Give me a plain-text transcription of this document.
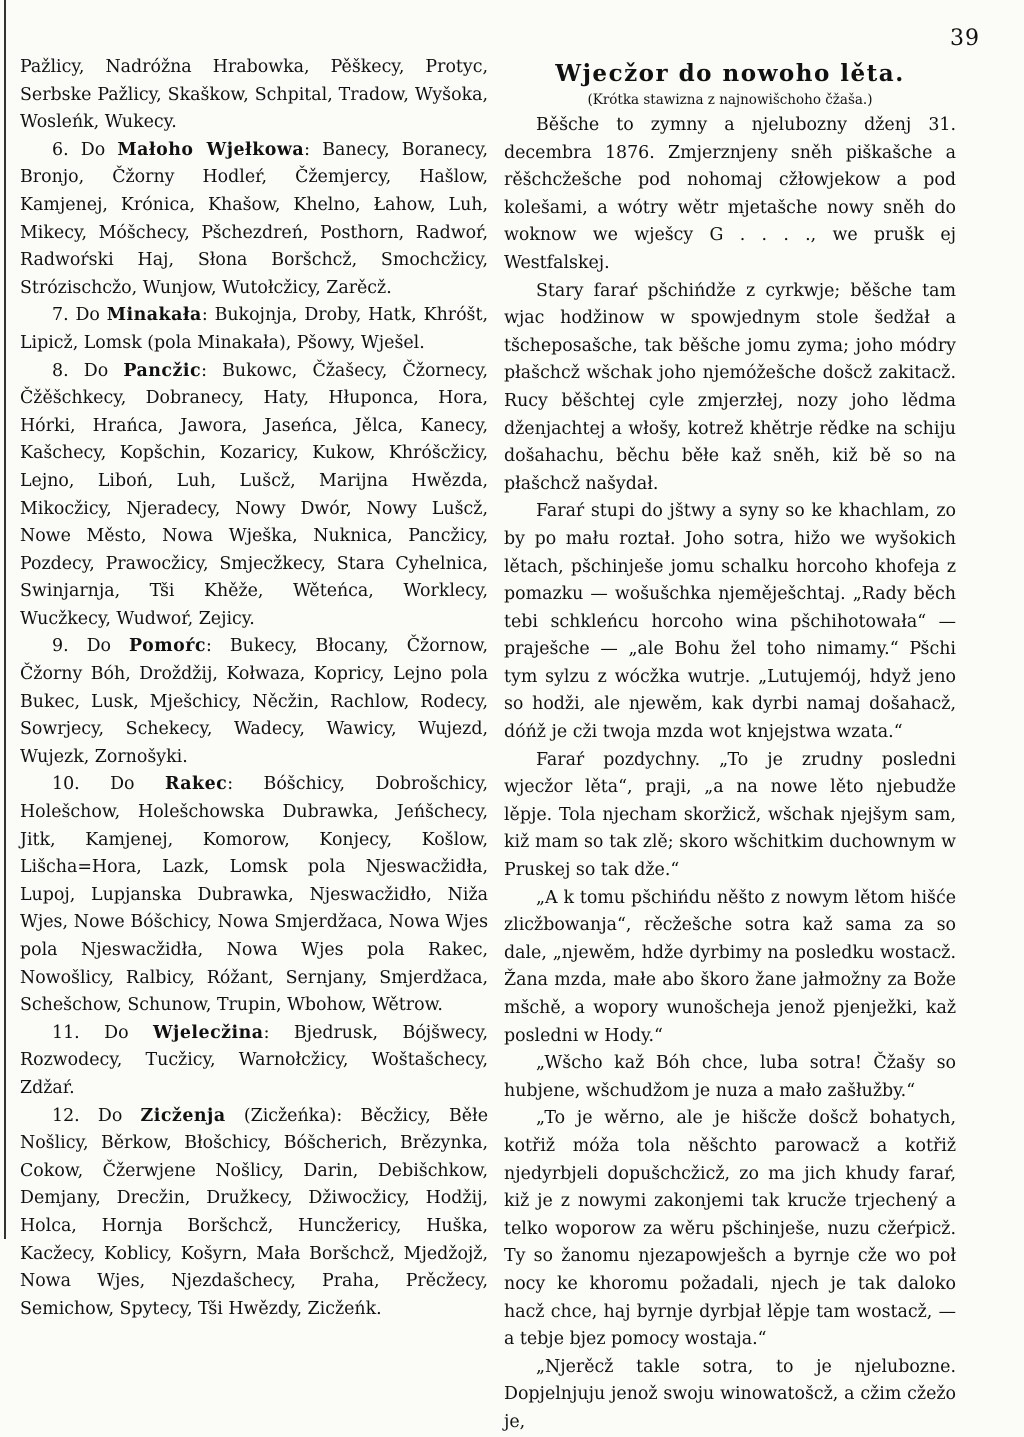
39

Pažlicy, Nadróžna Hrabowka, Pěškecy, Protyc, Serbske Pažlicy, Skaškow, Schpital, Tradow, Wyšoka, Wosleńk, Wukecy.

6. Do Małoho Wjełkowa: Banecy, Boranecy, Bronjo, Čžorny Hodleŕ, Čžemjercy, Hašlow, Kamjenej, Krónica, Khašow, Khelno, Łahow, Luh, Mikecy, Móšchecy, Pšchezdreń, Posthorn, Radwoŕ, Radwoŕski Haj, Słona Boršchcž, Smochcžicy, Strózischcžo, Wunjow, Wutołcžicy, Zarěcž.

7. Do Minakała: Bukojnja, Droby, Hatk, Khróšt, Lipicž, Lomsk (pola Minakała), Pšowy, Wješel.

8. Do Pancžic: Bukowc, Čžašecy, Čžornecy, Čžěšchkecy, Dobranecy, Haty, Hłuponca, Hora, Hórki, Hrańca, Jawora, Jaseńca, Jělca, Kanecy, Kašchecy, Kopšchin, Kozaricy, Kukow, Khróšcžicy, Lejno, Liboń, Luh, Lušcž, Marijna Hwězda, Mikocžicy, Njeradecy, Nowy Dwór, Nowy Lušcž, Nowe Město, Nowa Wješka, Nuknica, Pancžicy, Pozdecy, Prawocžicy, Smjecžkecy, Stara Cyhelnica, Swinjarnja, Tši Khěže, Wěteńca, Worklecy, Wucžkecy, Wudwoŕ, Zejicy.

9. Do Pomoŕc: Bukecy, Błocany, Čžornow, Čžorny Bóh, Droždžij, Kołwaza, Kopricy, Lejno pola Bukec, Lusk, Mješchicy, Něcžin, Rachlow, Rodecy, Sowrjecy, Schekecy, Wadecy, Wawicy, Wujezd, Wujezk, Zornošyki.

10. Do Rakec: Bóšchicy, Dobrošchicy, Holešchow, Holešchowska Dubrawka, Jeńšchecy, Jitk, Kamjenej, Komorow, Konjecy, Košlow, Lišcha=Hora, Lazk, Lomsk pola Njeswacžidła, Lupoj, Lupjanska Dubrawka, Njeswacžidło, Niža Wjes, Nowe Bóšchicy, Nowa Smjerdžaca, Nowa Wjes pola Njeswacžidła, Nowa Wjes pola Rakec, Nowošlicy, Ralbicy, Róžant, Sernjany, Smjerdžaca, Schešchow, Schunow, Trupin, Wbohow, Wětrow.

11. Do Wjelecžina: Bjedrusk, Bójšwecy, Rozwodecy, Tucžicy, Warnołcžicy, Woštašchecy, Zdžaŕ.

12. Do Zicženja (Zicžeńka): Běcžicy, Běłe Nošlicy, Běrkow, Błošchicy, Bóšcherich, Brězynka, Cokow, Čžerwjene Nošlicy, Darin, Debišchkow, Demjany, Drecžin, Družkecy, Džiwocžicy, Hodžij, Holca, Hornja Boršchcž, Huncžericy, Huška, Kacžecy, Koblicy, Košyrn, Mała Boršchcž, Mjedžojž, Nowa Wjes, Njezdašchecy, Praha, Prěcžecy, Semichow, Spytecy, Tši Hwězdy, Zicžeńk.

Wjecžor do nowoho lěta.
(Krótka stawizna z najnowišchoho čžaša.)

Běšche to zymny a njelubozny dženj 31. decembra 1876. Zmjerznjeny sněh piškašche a rěšchcžešche pod nohomaj cžłowjekow a pod kolešami, a wótry wětr mjetašche nowy sněh do woknow we wješcy G . . . ., we prušk ej Westfalskej.

Stary faraŕ pšchińdže z cyrkwje; běšche tam wjac hodžinow w spowjednym stole šedžał a tšcheposašche, tak běšche jomu zyma; joho módry płašchcž wšchak joho njemóžešche došcž zakitacž. Rucy běšchtej cyle zmjerzłej, nozy joho lědma dženjachtej a włošy, kotrež khětrje rědke na schiju došahachu, běchu běłe kaž sněh, kiž bě so na płašchcž našydał.

Faraŕ stupi do jštwy a syny so ke khachlam, zo by po mału roztał. Joho sotra, hižo we wyšokich lětach, pšchinješe jomu schalku horcoho khofeja z pomazku — wošušchka njeměješchtaj. „Rady běch tebi schkleńcu horcoho wina pšchihotowała“ — praješche — „ale Bohu žel toho nimamy.“ Pšchi tym sylzu z wócžka wutrje. „Lutujemój, hdyž jeno so hodži, ale njewěm, kak dyrbi namaj došahacž, dóńž je cži twoja mzda wot knjejstwa wzata.“

Faraŕ pozdychny. „To je zrudny posledni wjecžor lěta“, praji, „a na nowe lěto njebudže lěpje. Tola njecham skoržicž, wšchak njejšym sam, kiž mam so tak zlě; skoro wšchitkim duchownym w Pruskej so tak dže.“

„A k tomu pšchińdu něšto z nowym lětom hišće zlicžbowanja“, rěcžešche sotra kaž sama za so dale, „njewěm, hdže dyrbimy na posledku wostacž. Žana mzda, małe abo škoro žane jałmožny za Bože mšchě, a wopory wunošcheja jenož pjenježki, kaž posledni w Hody.“

„Wšcho kaž Bóh chce, luba sotra! Čžašy so hubjene, wšchudžom je nuza a mało zašłužby.“

„To je wěrno, ale je hišcže došcž bohatych, kotřiž móža tola něšchto parowacž a kotřiž njedyrbjeli dopušchcžicž, zo ma jich khudy faraŕ, kiž je z nowymi zakonjemi tak krucže trjechený a telko woporow za wěru pšchinješe, nuzu cžeŕpicž. Ty so žanomu njezapowješch a byrnje cže wo poł nocy ke khoromu požadali, njech je tak daloko hacž chce, haj byrnje dyrbjał lěpje tam wostacž, — a tebje bjez pomocy wostaja.“

„Njerěcž takle sotra, to je njelubozne. Dopjelnjuju jenož swoju winowatošcž, a cžim cžežo je,
